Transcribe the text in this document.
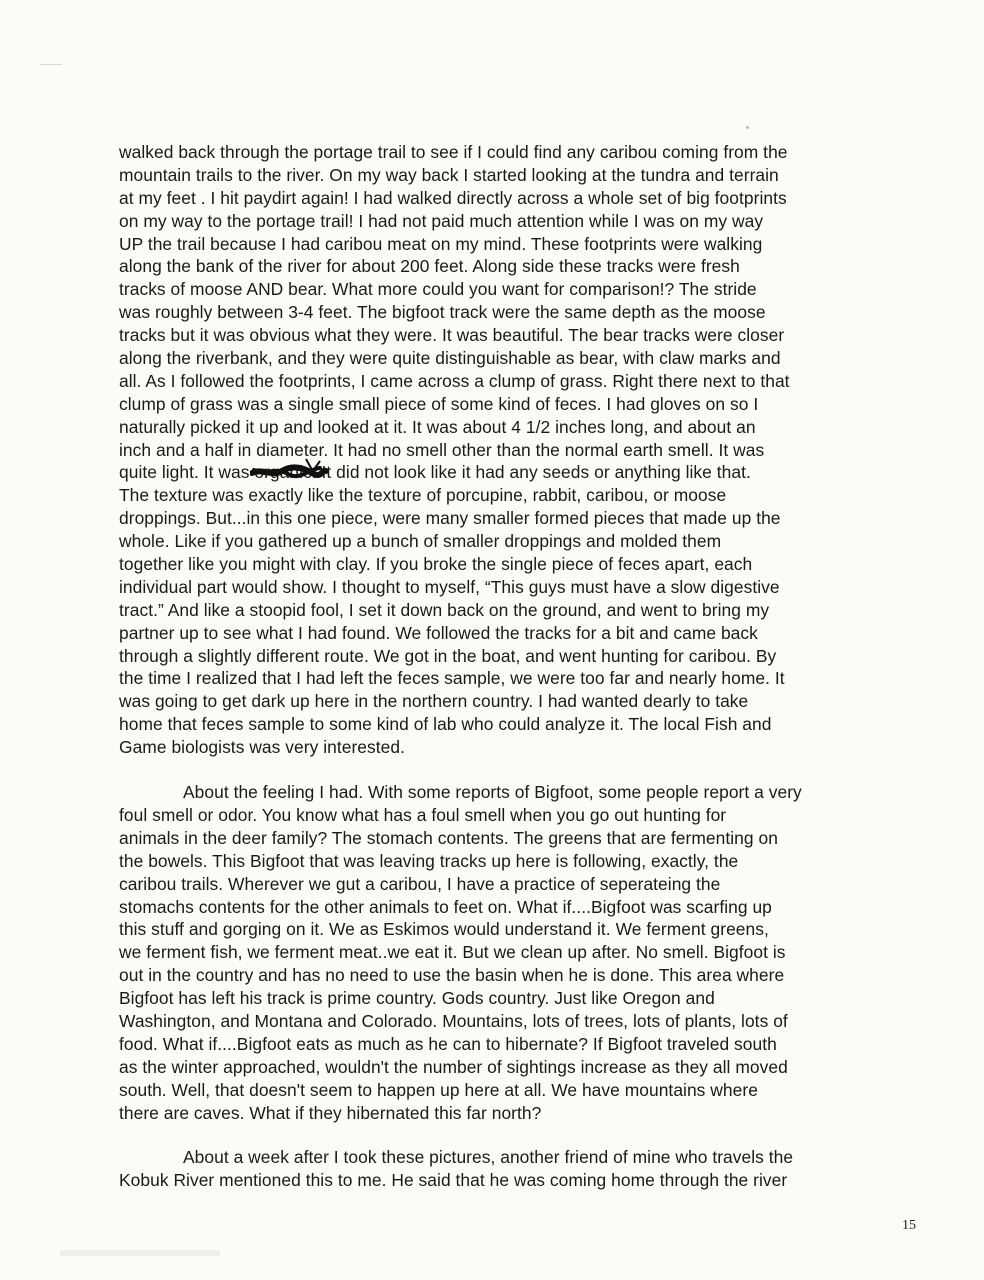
walked back through the portage trail to see if I could find any caribou coming from the
mountain trails to the river. On my way back I started looking at the tundra and terrain
at my feet . I hit paydirt again! I had walked directly across a whole set of big footprints
on my way to the portage trail! I had not paid much attention while I was on my way
UP the trail because I had caribou meat on my mind. These footprints were walking
along the bank of the river for about 200 feet. Along side these tracks were fresh
tracks of moose AND bear. What more could you want for comparison!? The stride
was roughly between 3-4 feet. The bigfoot track were the same depth as the moose
tracks but it was obvious what they were. It was beautiful. The bear tracks were closer
along the riverbank, and they were quite distinguishable as bear, with claw marks and
all. As I followed the footprints, I came across a clump of grass. Right there next to that
clump of grass was a single small piece of some kind of feces. I had gloves on so I
naturally picked it up and looked at it. It was about 4 1/2 inches long, and about an
inch and a half in diameter. It had no smell other than the normal earth smell. It was
quite light. It was organic.
It did not look like it had any seeds or anything like that.
The texture was exactly like the texture of porcupine, rabbit, caribou, or moose
droppings. But...in this one piece, were many smaller formed pieces that made up the
whole. Like if you gathered up a bunch of smaller droppings and molded them
together like you might with clay. If you broke the single piece of feces apart, each
individual part would show. I thought to myself, “This guys must have a slow digestive
tract.” And like a stoopid fool, I set it down back on the ground, and went to bring my
partner up to see what I had found. We followed the tracks for a bit and came back
through a slightly different route. We got in the boat, and went hunting for caribou. By
the time I realized that I had left the feces sample, we were too far and nearly home. It
was going to get dark up here in the northern country. I had wanted dearly to take
home that feces sample to some kind of lab who could analyze it. The local Fish and
Game biologists was very interested.
About the feeling I had. With some reports of Bigfoot, some people report a very
foul smell or odor. You know what has a foul smell when you go out hunting for
animals in the deer family? The stomach contents. The greens that are fermenting on
the bowels. This Bigfoot that was leaving tracks up here is following, exactly, the
caribou trails. Wherever we gut a caribou, I have a practice of seperateing the
stomachs contents for the other animals to feet on. What if....Bigfoot was scarfing up
this stuff and gorging on it. We as Eskimos would understand it. We ferment greens,
we ferment fish, we ferment meat..we eat it. But we clean up after. No smell. Bigfoot is
out in the country and has no need to use the basin when he is done. This area where
Bigfoot has left his track is prime country. Gods country. Just like Oregon and
Washington, and Montana and Colorado. Mountains, lots of trees, lots of plants, lots of
food. What if....Bigfoot eats as much as he can to hibernate? If Bigfoot traveled south
as the winter approached, wouldn't the number of sightings increase as they all moved
south. Well, that doesn't seem to happen up here at all. We have mountains where
there are caves. What if they hibernated this far north?
About a week after I took these pictures, another friend of mine who travels the
Kobuk River mentioned this to me. He said that he was coming home through the river
15
